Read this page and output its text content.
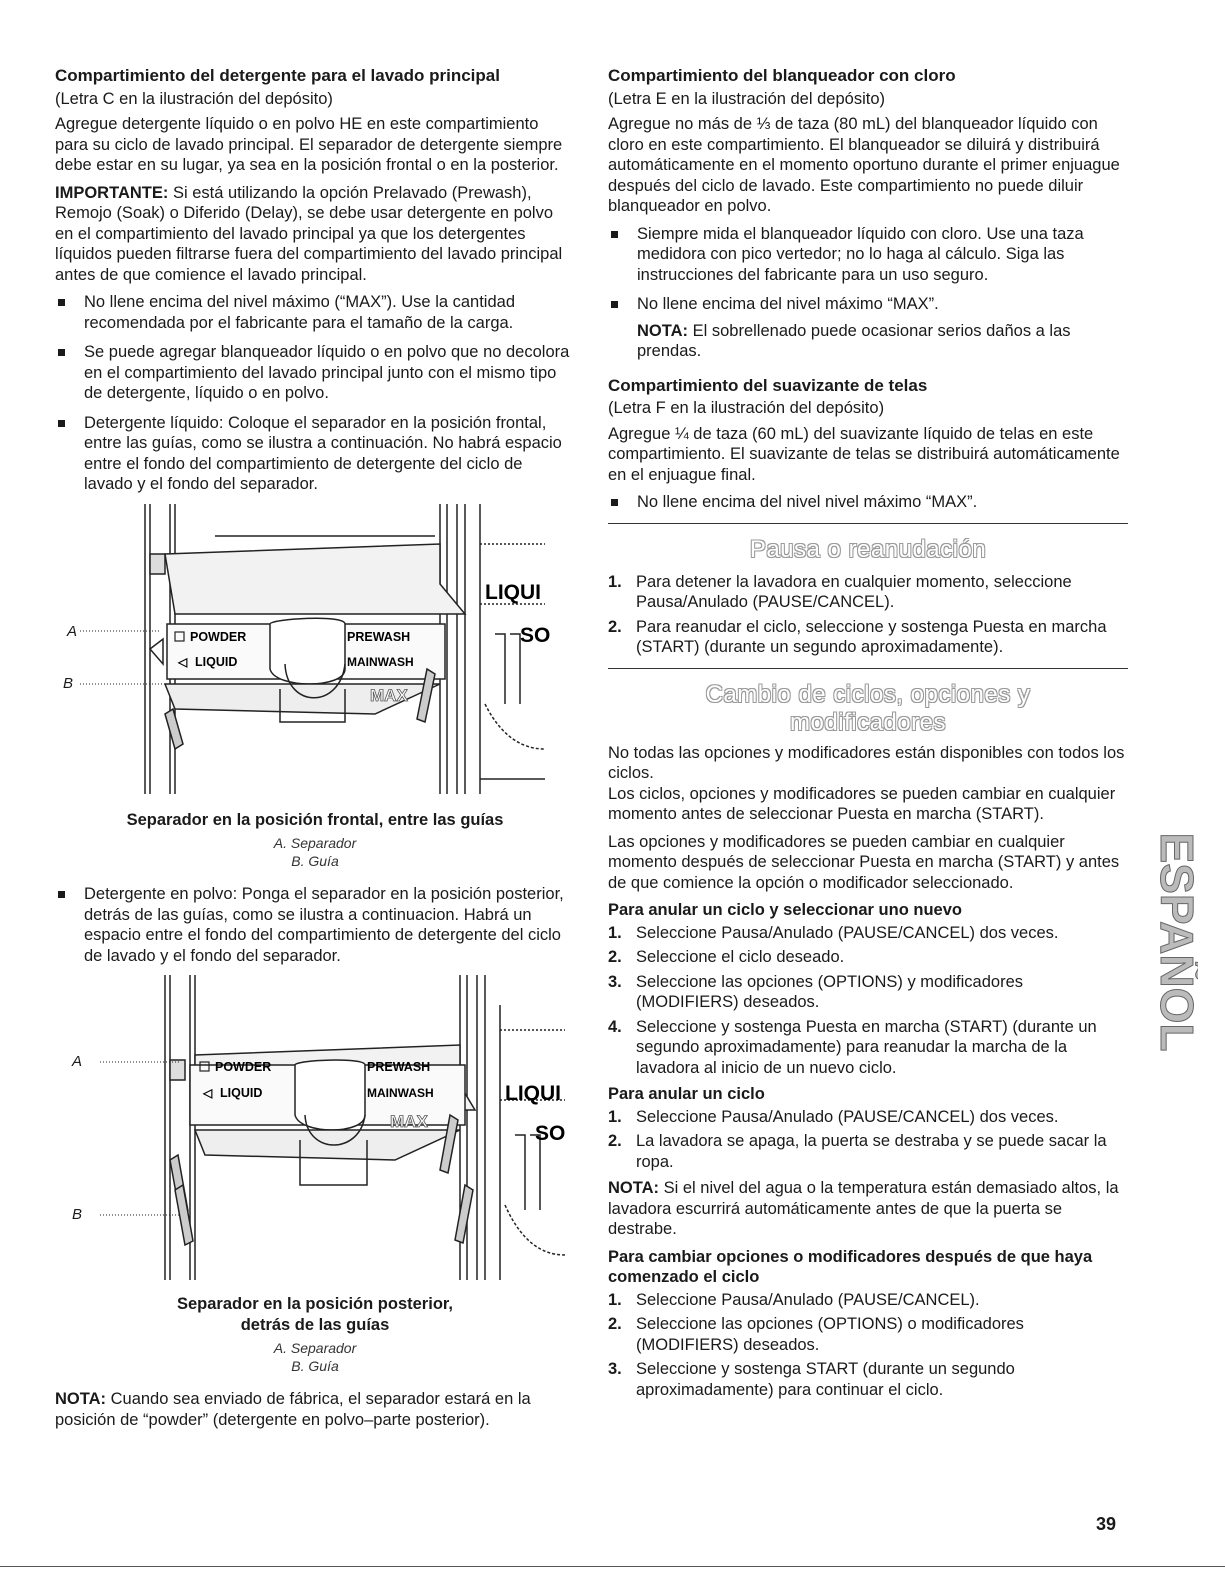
Compartimiento del detergente para el lavado principal
(Letra C en la ilustración del depósito)

Agregue detergente líquido o en polvo HE en este compartimiento para su ciclo de lavado principal. El separador de detergente siempre debe estar en su lugar, ya sea en la posición frontal o en la posterior.

IMPORTANTE: Si está utilizando la opción Prelavado (Prewash), Remojo (Soak) o Diferido (Delay), se debe usar detergente en polvo en el compartimiento del lavado principal ya que los detergentes líquidos pueden filtrarse fuera del compartimiento del lavado principal antes de que comience el lavado principal.

No llene encima del nivel máximo (“MAX”). Use la cantidad recomendada por el fabricante para el tamaño de la carga.
Se puede agregar blanqueador líquido o en polvo que no decolora en el compartimiento del lavado principal junto con el mismo tipo de detergente, líquido o en polvo.
Detergente líquido: Coloque el separador en la posición frontal, entre las guías, como se ilustra a continuación. No habrá espacio entre el fondo del compartimiento de detergente del ciclo de lavado y el fondo del separador.
POWDER
◁ LIQUID
PREWASH
MAINWASH
MAX
LIQUI
SO
A
B
Separador en la posición frontal, entre las guías
A. Separador
B. Guía
Detergente en polvo: Ponga el separador en la posición posterior, detrás de las guías, como se ilustra a continuacion. Habrá un espacio entre el fondo del compartimiento de detergente del ciclo de lavado y el fondo del separador.
POWDER
◁ LIQUID
PREWASH
MAINWASH
MAX
LIQUI
SO
A
B
Separador en la posición posterior,
detrás de las guías
A. Separador
B. Guía

NOTA: Cuando sea enviado de fábrica, el separador estará en la posición de “powder” (detergente en polvo–parte posterior).

Compartimiento del blanqueador con cloro
(Letra E en la ilustración del depósito)

Agregue no más de ⅓ de taza (80 mL) del blanqueador líquido con cloro en este compartimiento. El blanqueador se diluirá y distribuirá automáticamente en el momento oportuno durante el primer enjuague después del ciclo de lavado. Este compartimiento no puede diluir blanqueador en polvo.

Siempre mida el blanqueador líquido con cloro. Use una taza medidora con pico vertedor; no lo haga al cálculo. Siga las instrucciones del fabricante para un uso seguro.
No llene encima del nivel máximo “MAX”.

NOTA: El sobrellenado puede ocasionar serios daños a las prendas.

Compartimiento del suavizante de telas
(Letra F en la ilustración del depósito)

Agregue ¼ de taza (60 mL) del suavizante líquido de telas en este compartimiento. El suavizante de telas se distribuirá automáticamente en el enjuague final.

No llene encima del nivel nivel máximo “MAX”.
Pausa o reanudación
1. Para detener la lavadora en cualquier momento, seleccione Pausa/Anulado (PAUSE/CANCEL).
2. Para reanudar el ciclo, seleccione y sostenga Puesta en marcha (START) (durante un segundo aproximadamente).
Cambio de ciclos, opciones y
modificadores

No todas las opciones y modificadores están disponibles con todos los ciclos.

Los ciclos, opciones y modificadores se pueden cambiar en cualquier momento antes de seleccionar Puesta en marcha (START).

Las opciones y modificadores se pueden cambiar en cualquier momento después de seleccionar Puesta en marcha (START) y antes de que comience la opción o modificador seleccionado.

Para anular un ciclo y seleccionar uno nuevo
1. Seleccione Pausa/Anulado (PAUSE/CANCEL) dos veces.
2. Seleccione el ciclo deseado.
3. Seleccione las opciones (OPTIONS) y modificadores (MODIFIERS) deseados.
4. Seleccione y sostenga Puesta en marcha (START) (durante un segundo aproximadamente) para reanudar la marcha de la lavadora al inicio de un nuevo ciclo.
Para anular un ciclo
1. Seleccione Pausa/Anulado (PAUSE/CANCEL) dos veces.
2. La lavadora se apaga, la puerta se destraba y se puede sacar la ropa.

NOTA: Si el nivel del agua o la temperatura están demasiado altos, la lavadora escurrirá automáticamente antes de que la puerta se destrabe.

Para cambiar opciones o modificadores después de que haya comenzado el ciclo
1. Seleccione Pausa/Anulado (PAUSE/CANCEL).
2. Seleccione las opciones (OPTIONS) o modificadores (MODIFIERS) deseados.
3. Seleccione y sostenga START (durante un segundo aproximadamente) para continuar el ciclo.
ESPAÑOL
39
